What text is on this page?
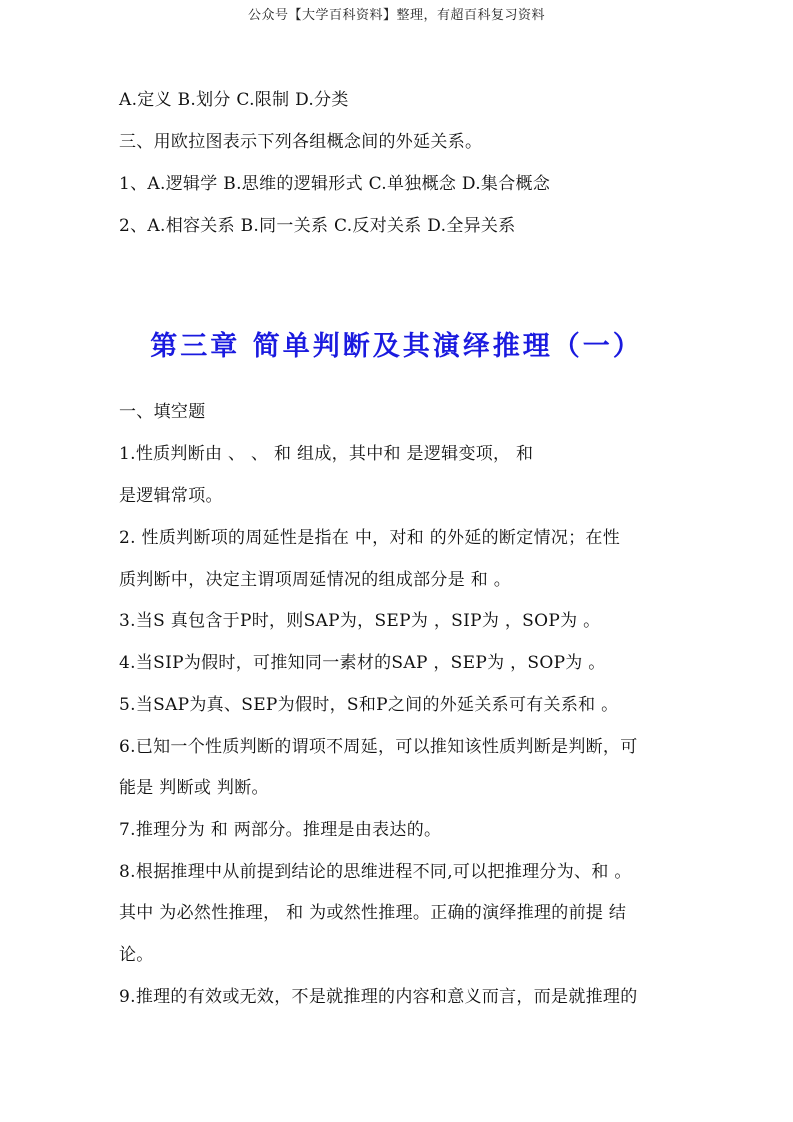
公众号【大学百科资料】整理，有超百科复习资料
A.定义 B.划分 C.限制 D.分类
三、用欧拉图表示下列各组概念间的外延关系。
1、A.逻辑学 B.思维的逻辑形式 C.单独概念 D.集合概念
2、A.相容关系 B.同一关系 C.反对关系 D.全异关系
第三章 简单判断及其演绎推理（一）
一、填空题
1.性质判断由 、 、 和 组成，其中和 是逻辑变项， 和
是逻辑常项。
2. 性质判断项的周延性是指在 中，对和 的外延的断定情况；在性
质判断中，决定主谓项周延情况的组成部分是 和 。
3.当S 真包含于P时，则SAP为，SEP为 ，SIP为 ，SOP为 。
4.当SIP为假时，可推知同一素材的SAP ，SEP为 ，SOP为 。
5.当SAP为真、SEP为假时，S和P之间的外延关系可有关系和 。
6.已知一个性质判断的谓项不周延，可以推知该性质判断是判断，可
能是 判断或 判断。
7.推理分为 和 两部分。推理是由表达的。
8.根据推理中从前提到结论的思维进程不同,可以把推理分为、和 。
其中 为必然性推理， 和 为或然性推理。正确的演绎推理的前提 结
论。
9.推理的有效或无效，不是就推理的内容和意义而言，而是就推理的
